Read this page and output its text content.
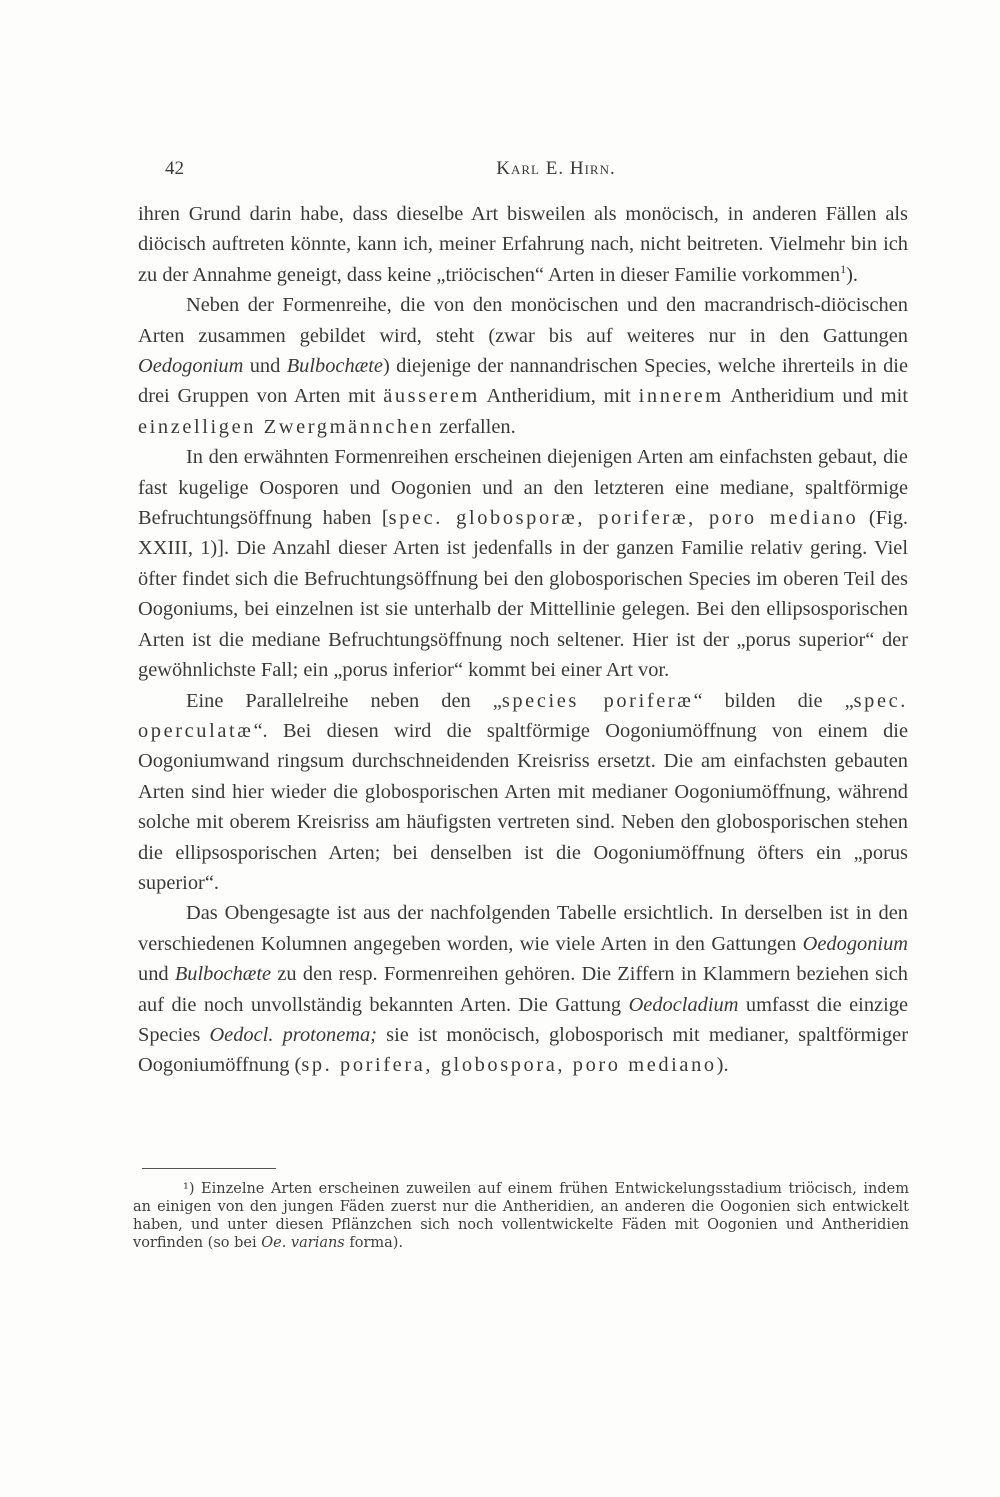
42	Karl E. Hirn.

ihren Grund darin habe, dass dieselbe Art bisweilen als monöcisch, in anderen Fällen als diöcisch auftreten könnte, kann ich, meiner Erfahrung nach, nicht beitreten. Vielmehr bin ich zu der Annahme geneigt, dass keine „triöcischen“ Arten in dieser Familie vorkommen$^1$).

Neben der Formenreihe, die von den monöcischen und den macrandrisch-diöcischen Arten zusammen gebildet wird, steht (zwar bis auf weiteres nur in den Gattungen Oedogonium und Bulbochæte) diejenige der nannandrischen Species, welche ihrerteils in die drei Gruppen von Arten mit äusserem Antheridium, mit innerem Antheridium und mit einzelligen Zwergmännchen zerfallen.

In den erwähnten Formenreihen erscheinen diejenigen Arten am einfachsten gebaut, die fast kugelige Oosporen und Oogonien und an den letzteren eine mediane, spaltförmige Befruchtungsöffnung haben [spec. globosporæ, poriferæ, poro mediano (Fig. XXIII, 1)]. Die Anzahl dieser Arten ist jedenfalls in der ganzen Familie relativ gering. Viel öfter findet sich die Befruchtungsöffnung bei den globosporischen Species im oberen Teil des Oogoniums, bei einzelnen ist sie unterhalb der Mittellinie gelegen. Bei den ellipsosporischen Arten ist die mediane Befruchtungsöffnung noch seltener. Hier ist der „porus superior“ der gewöhnlichste Fall; ein „porus inferior“ kommt bei einer Art vor.

Eine Parallelreihe neben den „species poriferæ“ bilden die „spec. operculatæ“. Bei diesen wird die spaltförmige Oogoniumöffnung von einem die Oogoniumwand ringsum durchschneidenden Kreisriss ersetzt. Die am einfachsten gebauten Arten sind hier wieder die globosporischen Arten mit medianer Oogoniumöffnung, während solche mit oberem Kreisriss am häufigsten vertreten sind. Neben den globosporischen stehen die ellipsosporischen Arten; bei denselben ist die Oogoniumöffnung öfters ein „porus superior“.

Das Obengesagte ist aus der nachfolgenden Tabelle ersichtlich. In derselben ist in den verschiedenen Kolumnen angegeben worden, wie viele Arten in den Gattungen Oedogonium und Bulbochæte zu den resp. Formenreihen gehören. Die Ziffern in Klammern beziehen sich auf die noch unvollständig bekannten Arten. Die Gattung Oedocladium umfasst die einzige Species Oedocl. protonema; sie ist monöcisch, globosporisch mit medianer, spaltförmiger Oogoniumöffnung (sp. porifera, globospora, poro mediano).

¹) Einzelne Arten erscheinen zuweilen auf einem frühen Entwickelungsstadium triöcisch, indem an einigen von den jungen Fäden zuerst nur die Antheridien, an anderen die Oogonien sich entwickelt haben, und unter diesen Pflänzchen sich noch vollentwickelte Fäden mit Oogonien und Antheridien vorfinden (so bei Oe. varians forma).
